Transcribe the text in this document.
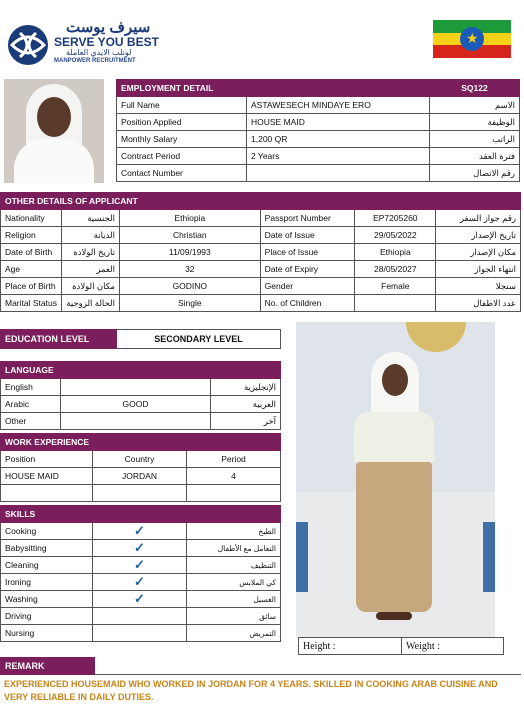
سيرف يوست
SERVE YOU BEST
لوتلب الايدي العاملة
MANPOWER RECRUITMENT
★
EMPLOYMENT DETAIL		SQ122
Full Name	ASTAWESECH MINDAYE ERO	الاسم
Position Applied	HOUSE MAID	الوظيفة
Monthly Salary	1,200 QR	الراتب
Contract Period	2 Years	فترة العقد
Contact Number		رقم الاتصال
OTHER DETAILS OF APPLICANT					
Nationality	الجنسية	Ethiopia	Passport Number	EP7205260	رقم جواز السفر
Religion	الديانة	Christian	Date of Issue	29/05/2022	تاريخ الإصدار
Date of Birth	تاريخ الولادة	11/09/1993	Place of Issue	Ethiopia	مكان الإصدار
Age	العمر	32	Date of Expiry	28/05/2027	انتهاء الجواز
Place of Birth	مكان الولادة	GODINO	Gender	Female	سنجلا
Marital Status	الحالة الزوجية	Single	No. of Children		عدد الاطفال
EDUCATION LEVEL	SECONDARY LEVEL
LANGUAGE		
English		الإنجليزية
Arabic	GOOD	العربية
Other		آخر
WORK EXPERIENCE		
Position	Country	Period
HOUSE MAID	JORDAN	4

SKILLS		
Cooking	✓	الطبخ
Babysitting	✓	التعامل مع الأطفال
Cleaning	✓	التنظيف
Ironing	✓	كي الملابس
Washing	✓	الغسيل
Driving		سائق
Nursing		التمريض
Height :	Weight :
REMARK	
EXPERIENCED HOUSEMAID WHO WORKED IN JORDAN FOR 4 YEARS. SKILLED IN COOKING ARAB CUISINE AND VERY RELIABLE IN DAILY DUTIES.
